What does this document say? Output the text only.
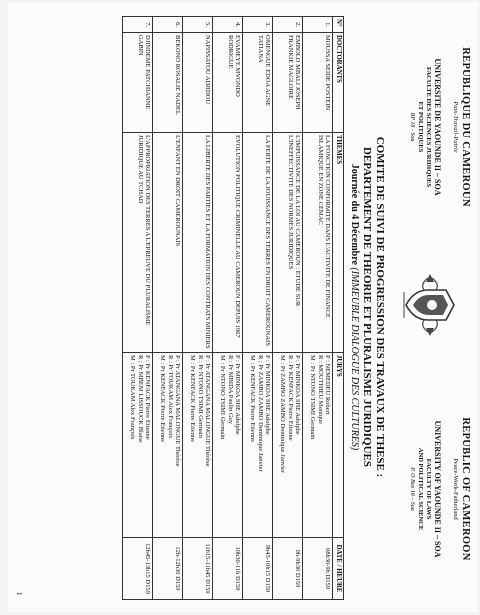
REPUBLIQUE DU CAMEROUN
Paix-Travail-Patrie
UNIVERSITE DE YAOUNDE II – SOA
FACULTE DES SCIENCES JURIDIQUES
ET POLITIQUES
BP 18 - Soa
REPUBLIC OF CAMEROON
Peace-Work-Fatherland
UNIVERSITY OF YAOUNDE II – SOA
FACULTY OF LAWS
AND POLITICAL SCIENCE
P. O Box 18 – Soa
COMITE DE SUIVI DE PROGRESSION DES TRAVAUX DE THESE :
DEPARTEMENT DE THEORIE ET PLURALISME JURIDIQUES
Journée du 4 Décembre (IMMEUBLE DIALOGUE DES CULTURES)
N°	DOCTORANTS	THEMES	JURYS	DATE / HEURE
1.	MOUSSA SEIDE POSTEIN	LA FONCTION CONFORMITE DANS L'ACTIVITE DE FINANCE ISLAMIQUE EN ZONE CEMAC	P : NEMEDEU Robert
R : MOUTHIEU Monique
M : Pr NTONO TSIMI Germain	08h30-9h D159
2.	EMBOLO MBALI JOSEPH FRANKIE MAGLOIRE	L'IMPUISSANCE DE LA LOI AU CAMEROUN : ETUDE SUR L'INEFFECTIVITE DES NORMES JURIDIQUES	P : Pr MINKOA SHE Adolphe
R : Pr KENFACK Pierre Etienne
M : Pr ZAMBO ZAMBO Dominique Janvier	9h-9h30 D159
3.	OMENGUE EDOA AGNE TATIANA	LA PERTE DE LA JOUISSANCE DES TERRES EN DROIT CAMEROUNAIS	P : Pr MINKOA SHE Adolphe
R : Pr ZAMBO ZAMBO Dominique Janvier
M : Pr KENFACK Pierre Etienne	9h45-10h15 D159
4.	EVAMEYE MVONDO RODRIGUE	EVOLUTION POLITIQUE CRIMINELLE AU CAMEROUN DEPUIS 1967	P : Pr MINKOA SHE Adolphe
R : Pr MBIDA Paulin Guy
M : Pr NTONO TSIMI Germain	10h30-11h D159
5.	NAPISSATOU ADJIDOU	LA LIBERTE DES PARTIES ET LA FORMATION DES CONTRATS MINIERS	P : Pr ATANGANA MALONGUE Thérèse
R : Pr NTONO TSIMI Germain
M : Pr KENFACK Pierre Etienne	11h15-11h45 D159
6.	BEKONO ROSALIE NADEL	L'ENFANT EN DROIT CAMEROUNAIS	P : Pr ATANGANA MALONGUE Thérèse
R : Pr TOUKAM Alex François
M : Pr KENFACK Pierre Etienne	12h-12h30 D159
7.	DJINDEME PATCHIANNE GABIN	L'APPROPRIATION DES TERRES A L'EPREUVE DU PLURALISME JURIDIQUE AU TCHAD	P : Pr KENFACK Pierre Etienne
R : Pr MBEM LISSOUCK Blaise
M : Pr TOUKAM Alex François	12h45-13h15 D159
1
